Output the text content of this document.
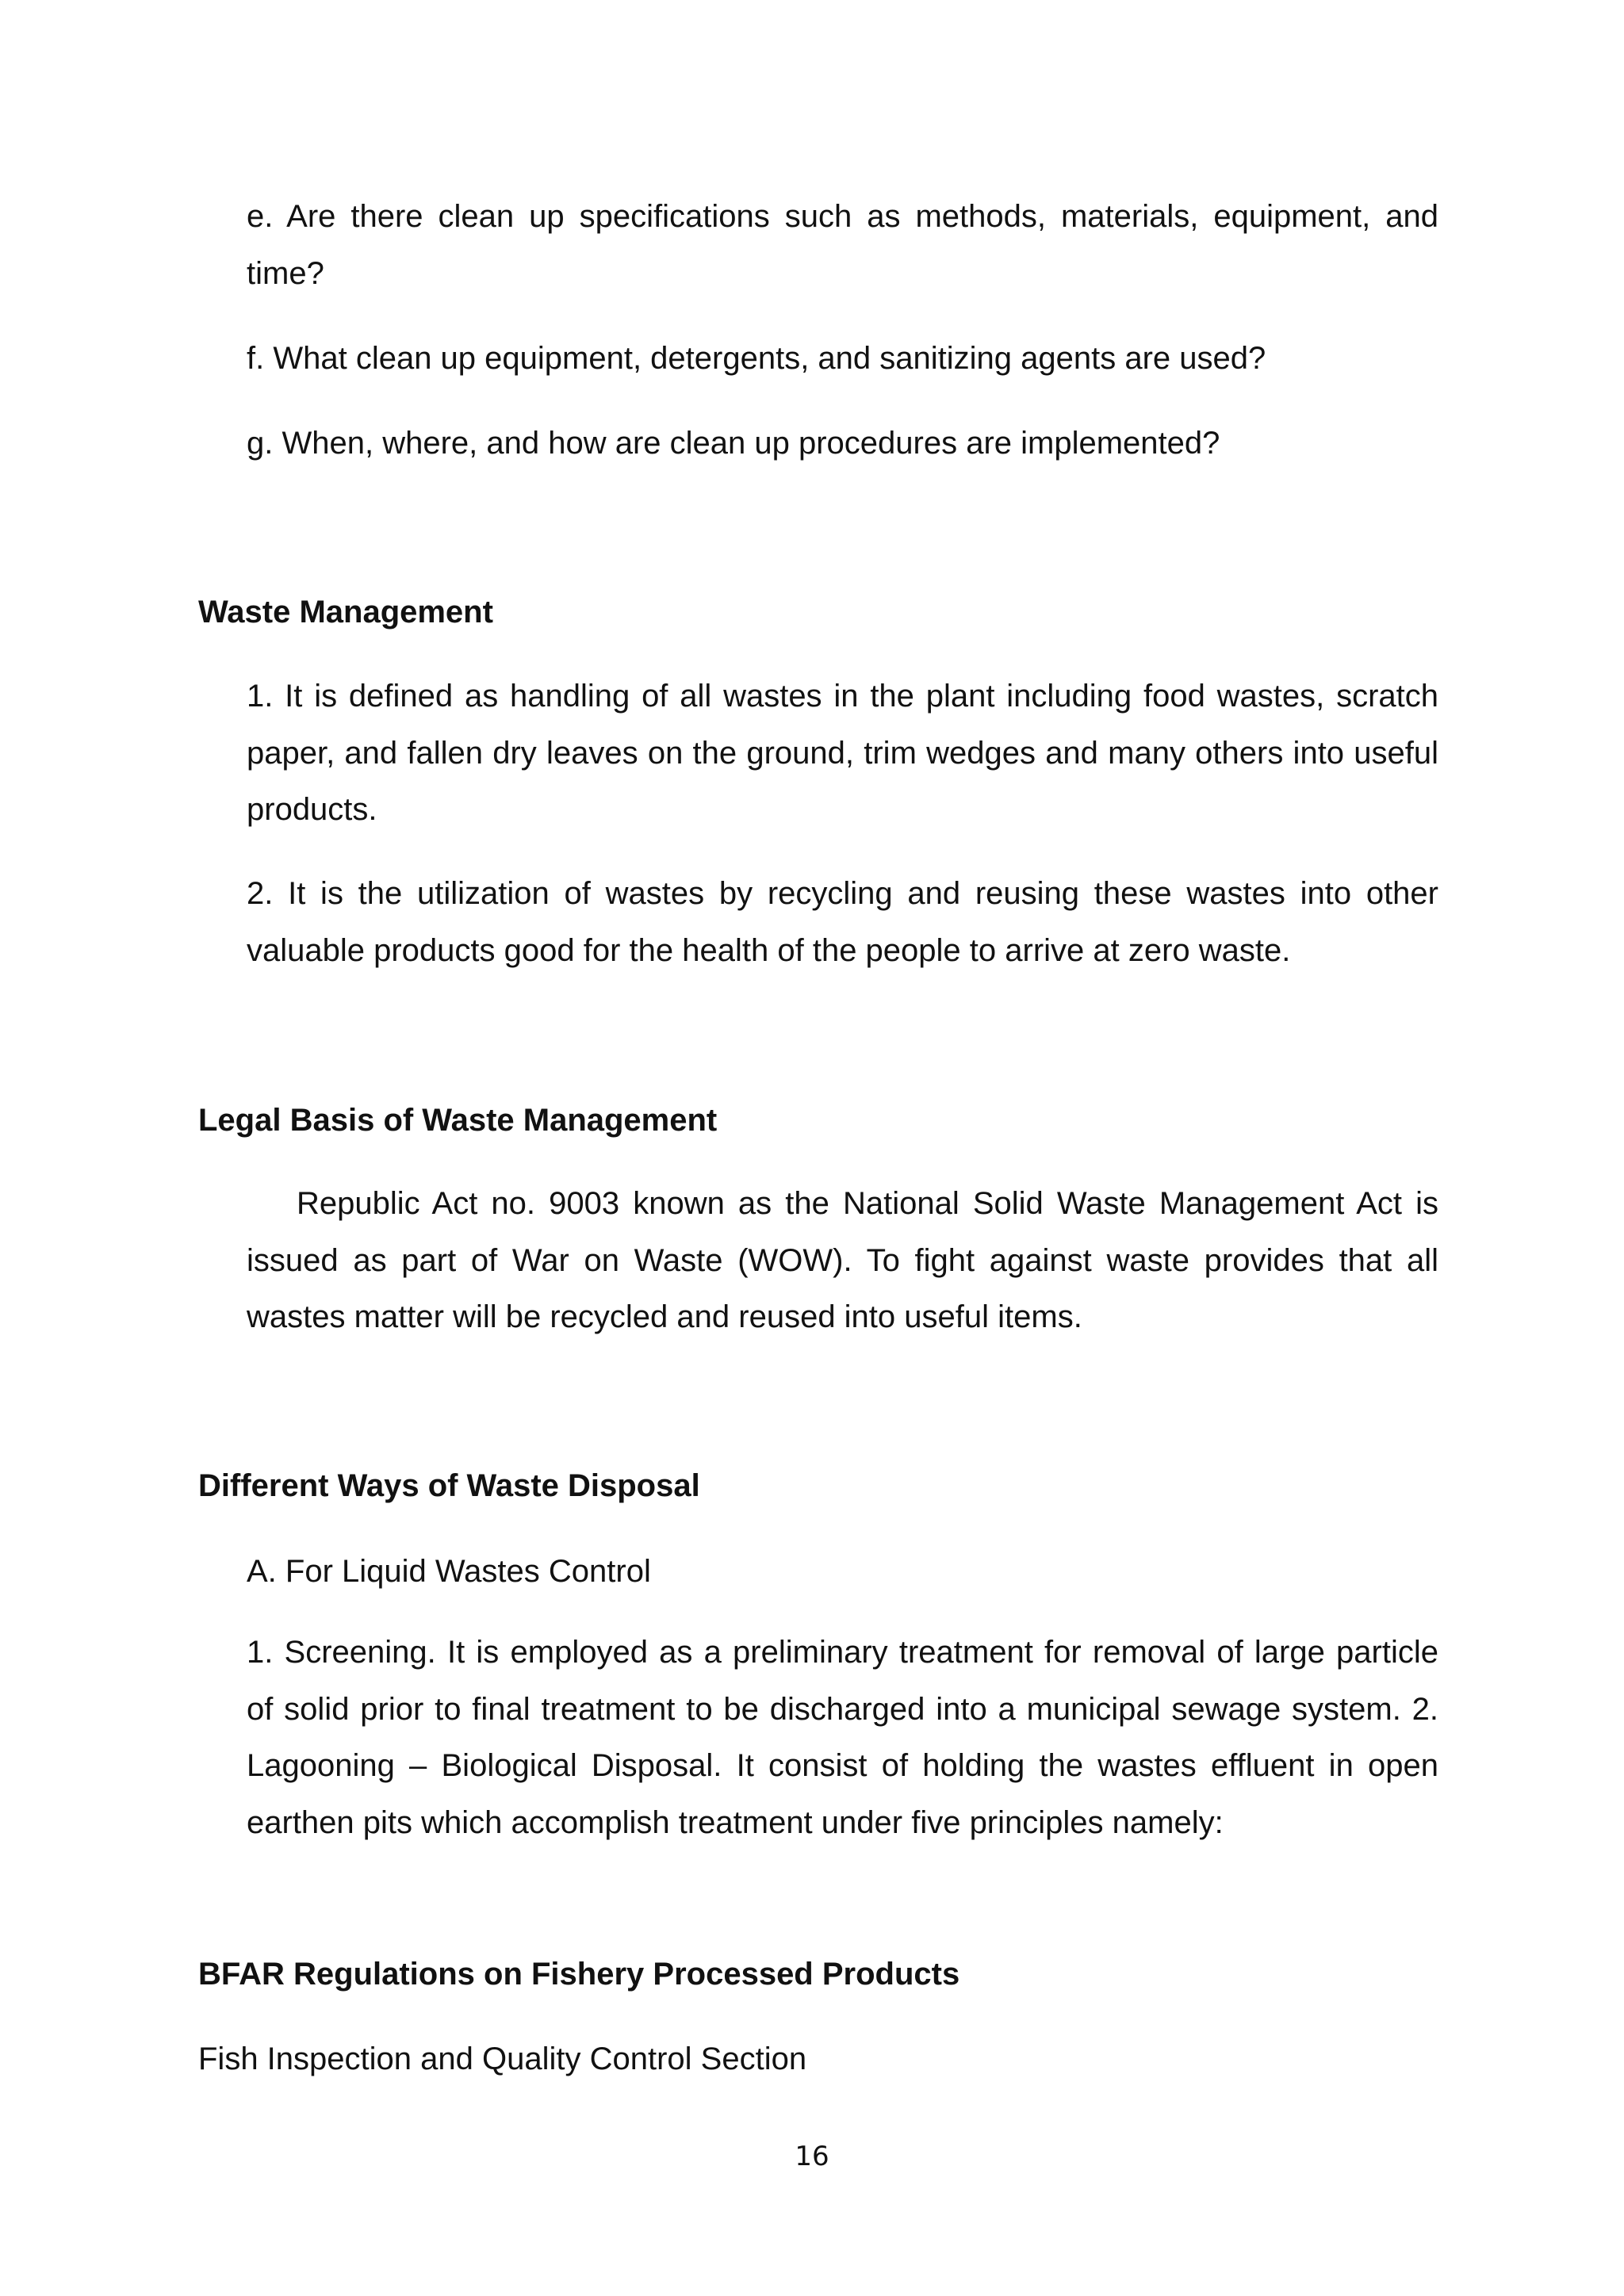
e. Are there clean up specifications such as methods, materials, equipment, and time?
f. What clean up equipment, detergents, and sanitizing agents are used?
g. When, where, and how are clean up procedures are implemented?
Waste Management
1. It is defined as handling of all wastes in the plant including food wastes, scratch paper, and fallen dry leaves on the ground, trim wedges and many others into useful products.
2. It is the utilization of wastes by recycling and reusing these wastes into other valuable products good for the health of the people to arrive at zero waste.
Legal Basis of Waste Management
Republic Act no. 9003 known as the National Solid Waste Management Act is issued as part of War on Waste (WOW). To fight against waste provides that all wastes matter will be recycled and reused into useful items.
Different Ways of Waste Disposal
A. For Liquid Wastes Control
1. Screening. It is employed as a preliminary treatment for removal of large particle of solid prior to final treatment to be discharged into a municipal sewage system. 2. Lagooning – Biological Disposal. It consist of holding the wastes effluent in open earthen pits which accomplish treatment under five principles namely:
BFAR Regulations on Fishery Processed Products
Fish Inspection and Quality Control Section
16
